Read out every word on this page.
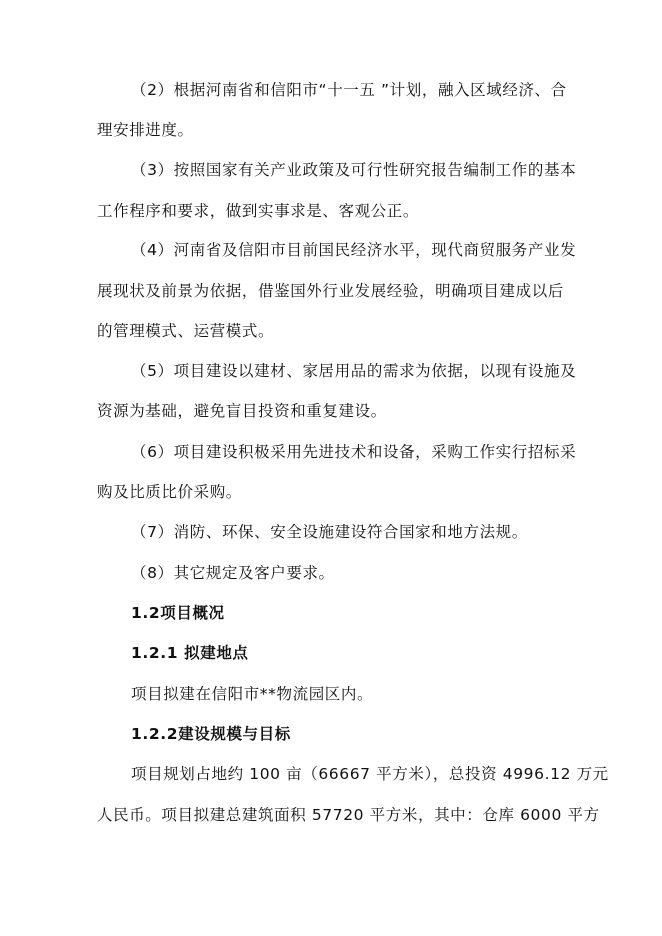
（2）根据河南省和信阳市“十一五 ”计划，融入区域经济、合
理安排进度。
（3）按照国家有关产业政策及可行性研究报告编制工作的基本
工作程序和要求，做到实事求是、客观公正。
（4）河南省及信阳市目前国民经济水平，现代商贸服务产业发
展现状及前景为依据，借鉴国外行业发展经验，明确项目建成以后
的管理模式、运营模式。
（5）项目建设以建材、家居用品的需求为依据，以现有设施及
资源为基础，避免盲目投资和重复建设。
（6）项目建设积极采用先进技术和设备，采购工作实行招标采
购及比质比价采购。
（7）消防、环保、安全设施建设符合国家和地方法规。
（8）其它规定及客户要求。
1.2项目概况
1.2.1 拟建地点
项目拟建在信阳市**物流园区内。
1.2.2建设规模与目标
项目规划占地约 100 亩（66667 平方米），总投资 4996.12 万元
人民币。项目拟建总建筑面积 57720 平方米，其中：仓库 6000 平方
